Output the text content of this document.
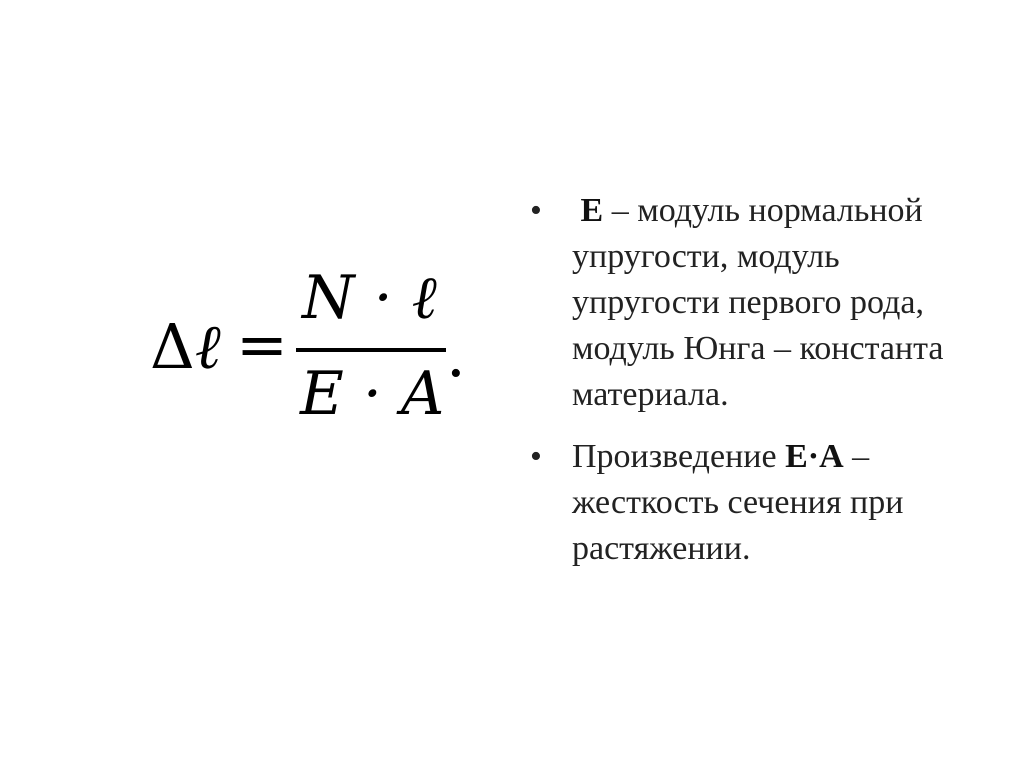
Δℓ =
N · ℓ
E · A
.
• E – модуль нормальной упругости, модуль упругости первого рода, модуль Юнга – константа материала.
• Произведение E·A – жесткость сечения при растяжении.
